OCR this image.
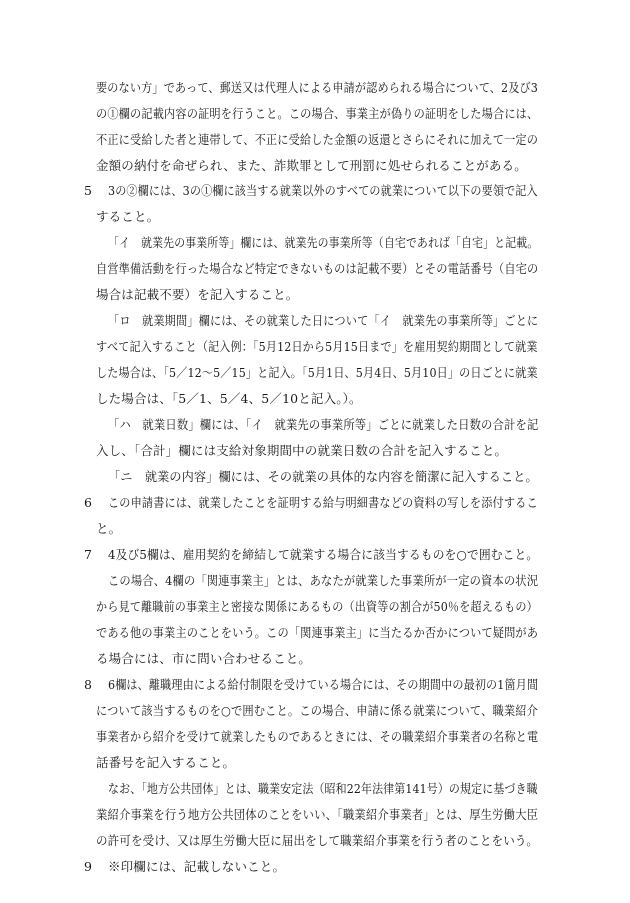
要のない方」であって、郵送又は代理人による申請が認められる場合について、2及び3
の①欄の記載内容の証明を行うこと。この場合、事業主が偽りの証明をした場合には、
不正に受給した者と連帯して、不正に受給した金額の返還とさらにそれに加えて一定の
金額の納付を命ぜられ、また、詐欺罪として刑罰に処せられることがある。
5 3の②欄には、3の①欄に該当する就業以外のすべての就業について以下の要領で記入
すること。
「イ　就業先の事業所等」欄には、就業先の事業所等（自宅であれば「自宅」と記載。
自営準備活動を行った場合など特定できないものは記載不要）とその電話番号（自宅の
場合は記載不要）を記入すること。
「ロ　就業期間」欄には、その就業した日について「イ　就業先の事業所等」ごとに
すべて記入すること（記入例：「5月12日から5月15日まで」を雇用契約期間として就業
した場合は、「5／12〜5／15」と記入。「5月1日、5月4日、5月10日」の日ごとに就業
した場合は、「5／1、5／4、5／10と記入。）。
「ハ　就業日数」欄には、「イ　就業先の事業所等」ごとに就業した日数の合計を記
入し、「合計」欄には支給対象期間中の就業日数の合計を記入すること。
「ニ　就業の内容」欄には、その就業の具体的な内容を簡潔に記入すること。
6 この申請書には、就業したことを証明する給与明細書などの資料の写しを添付するこ
と。
7 4及び5欄は、雇用契約を締結して就業する場合に該当するものを○で囲むこと。
この場合、4欄の「関連事業主」とは、あなたが就業した事業所が一定の資本の状況
から見て離職前の事業主と密接な関係にあるもの（出資等の割合が50％を超えるもの）
である他の事業主のことをいう。この「関連事業主」に当たるか否かについて疑問があ
る場合には、市に問い合わせること。
8 6欄は、離職理由による給付制限を受けている場合には、その期間中の最初の1箇月間
について該当するものを○で囲むこと。この場合、申請に係る就業について、職業紹介
事業者から紹介を受けて就業したものであるときには、その職業紹介事業者の名称と電
話番号を記入すること。
なお、「地方公共団体」とは、職業安定法（昭和22年法律第141号）の規定に基づき職
業紹介事業を行う地方公共団体のことをいい、「職業紹介事業者」とは、厚生労働大臣
の許可を受け、又は厚生労働大臣に届出をして職業紹介事業を行う者のことをいう。
9 ※印欄には、記載しないこと。
